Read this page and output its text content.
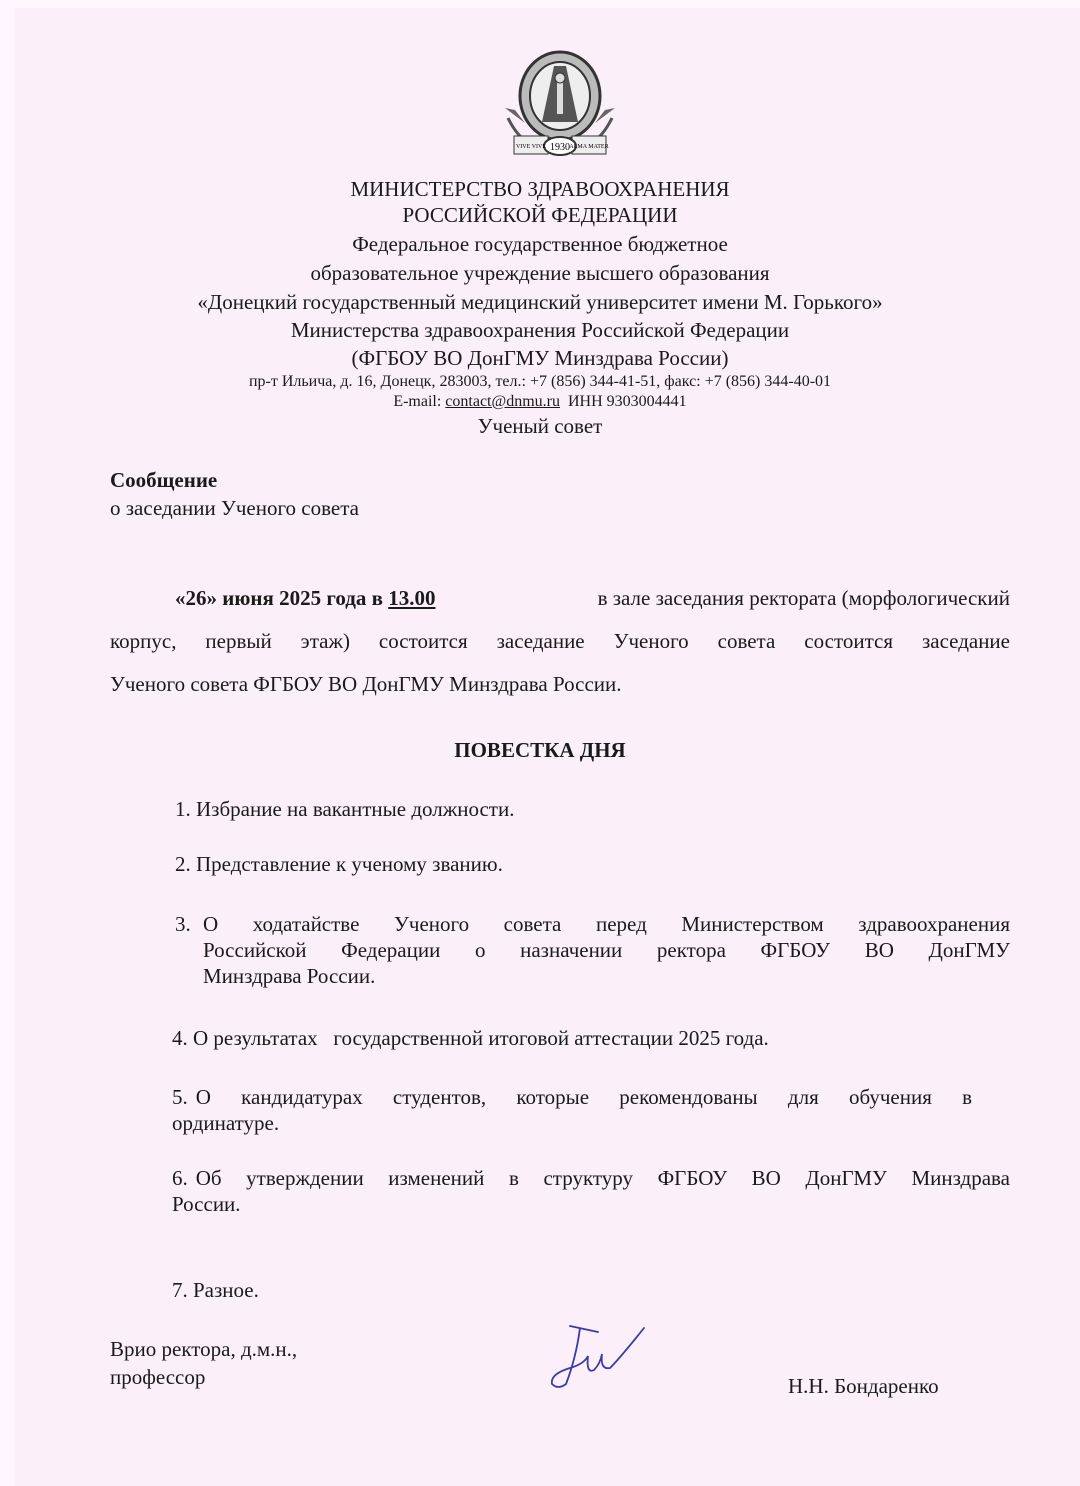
1930
VIVE VIVE	ALMA MATER
МИНИСТЕРСТВО ЗДРАВООХРАНЕНИЯ
РОССИЙСКОЙ ФЕДЕРАЦИИ
Федеральное государственное бюджетное
образовательное учреждение высшего образования
«Донецкий государственный медицинский университет имени М. Горького»
Министерства здравоохранения Российской Федерации
(ФГБОУ ВО ДонГМУ Минздрава России)
пр-т Ильича, д. 16, Донецк, 283003, тел.: +7 (856) 344-41-51, факс: +7 (856) 344-40-01
E-mail: contact@dnmu.ru ИНН 9303004441
Ученый совет
Сообщение
о заседании Ученого совета
«26» июня 2025 года в 13.00	в зале заседания ректората (морфологический
корпус, первый этаж) состоится заседание Ученого совета состоится заседание
Ученого совета ФГБОУ ВО ДонГМУ Минздрава России.
ПОВЕСТКА ДНЯ
1. Избрание на вакантные должности.
2. Представление к ученому званию.
3. О ходатайстве Ученого совета перед Министерством здравоохранения
Российской Федерации о назначении ректора ФГБОУ ВО ДонГМУ
Минздрава России.
4. О результатах   государственной итоговой аттестации 2025 года.
5. О кандидатурах студентов, которые рекомендованы для обучения в
ординатуре.
6. Об утверждении изменений в структуру ФГБОУ ВО ДонГМУ Минздрава
России.
7. Разное.
Врио ректора, д.м.н.,
профессор	Н.Н. Бондаренко
